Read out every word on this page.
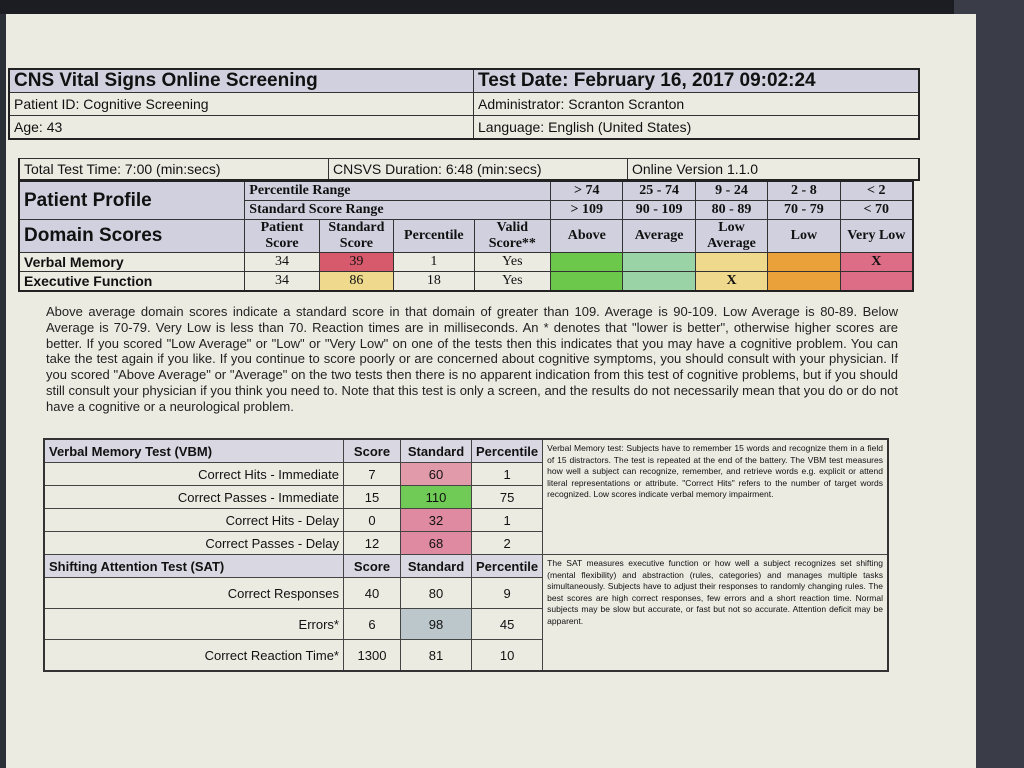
CNS Vital Signs Online Screening	Test Date: February 16, 2017 09:02:24
Patient ID: Cognitive Screening	Administrator: Scranton Scranton
Age: 43	Language: English (United States)
Total Test Time: 7:00 (min:secs)	CNSVS Duration: 6:48 (min:secs)	Online Version 1.1.0
Patient Profile	Percentile Range				> 74	25 - 74	9 - 24	2 - 8	< 2
	Standard Score Range				> 109	90 - 109	80 - 89	70 - 79	< 70
Domain Scores	Patient Score	Standard Score	Percentile	Valid Score**	Above	Average	Low Average	Low	Very Low
Verbal Memory	34	39	1	Yes					X
Executive Function	34	86	18	Yes			X		

Above average domain scores indicate a standard score in that domain of greater than 109. Average is 90-109. Low Average is 80-89. Below Average is 70-79. Very Low is less than 70. Reaction times are in milliseconds. An * denotes that "lower is better", otherwise higher scores are better. If you scored "Low Average" or "Low" or "Very Low" on one of the tests then this indicates that you may have a cognitive problem. You can take the test again if you like. If you continue to score poorly or are concerned about cognitive symptoms, you should consult with your physician. If you scored "Above Average" or "Average" on the two tests then there is no apparent indication from this test of cognitive problems, but if you should still consult your physician if you think you need to. Note that this test is only a screen, and the results do not necessarily mean that you do or do not have a cognitive or a neurological problem.

Verbal Memory Test (VBM)	Score	Standard	Percentile	Verbal Memory test: Subjects have to remember 15 words and recognize them in a field of 15 distractors. The test is repeated at the end of the battery. The VBM test measures how well a subject can recognize, remember, and retrieve words e.g. explicit or attend literal representations or attribute. "Correct Hits" refers to the number of target words recognized. Low scores indicate verbal memory impairment.
Correct Hits - Immediate	7	60	1	
Correct Passes - Immediate	15	110	75	
Correct Hits - Delay	0	32	1	
Correct Passes - Delay	12	68	2	
Shifting Attention Test (SAT)	Score	Standard	Percentile	The SAT measures executive function or how well a subject recognizes set shifting (mental flexibility) and abstraction (rules, categories) and manages multiple tasks simultaneously. Subjects have to adjust their responses to randomly changing rules. The best scores are high correct responses, few errors and a short reaction time. Normal subjects may be slow but accurate, or fast but not so accurate. Attention deficit may be apparent.
Correct Responses	40	80	9	
Errors*	6	98	45	
Correct Reaction Time*	1300	81	10	
